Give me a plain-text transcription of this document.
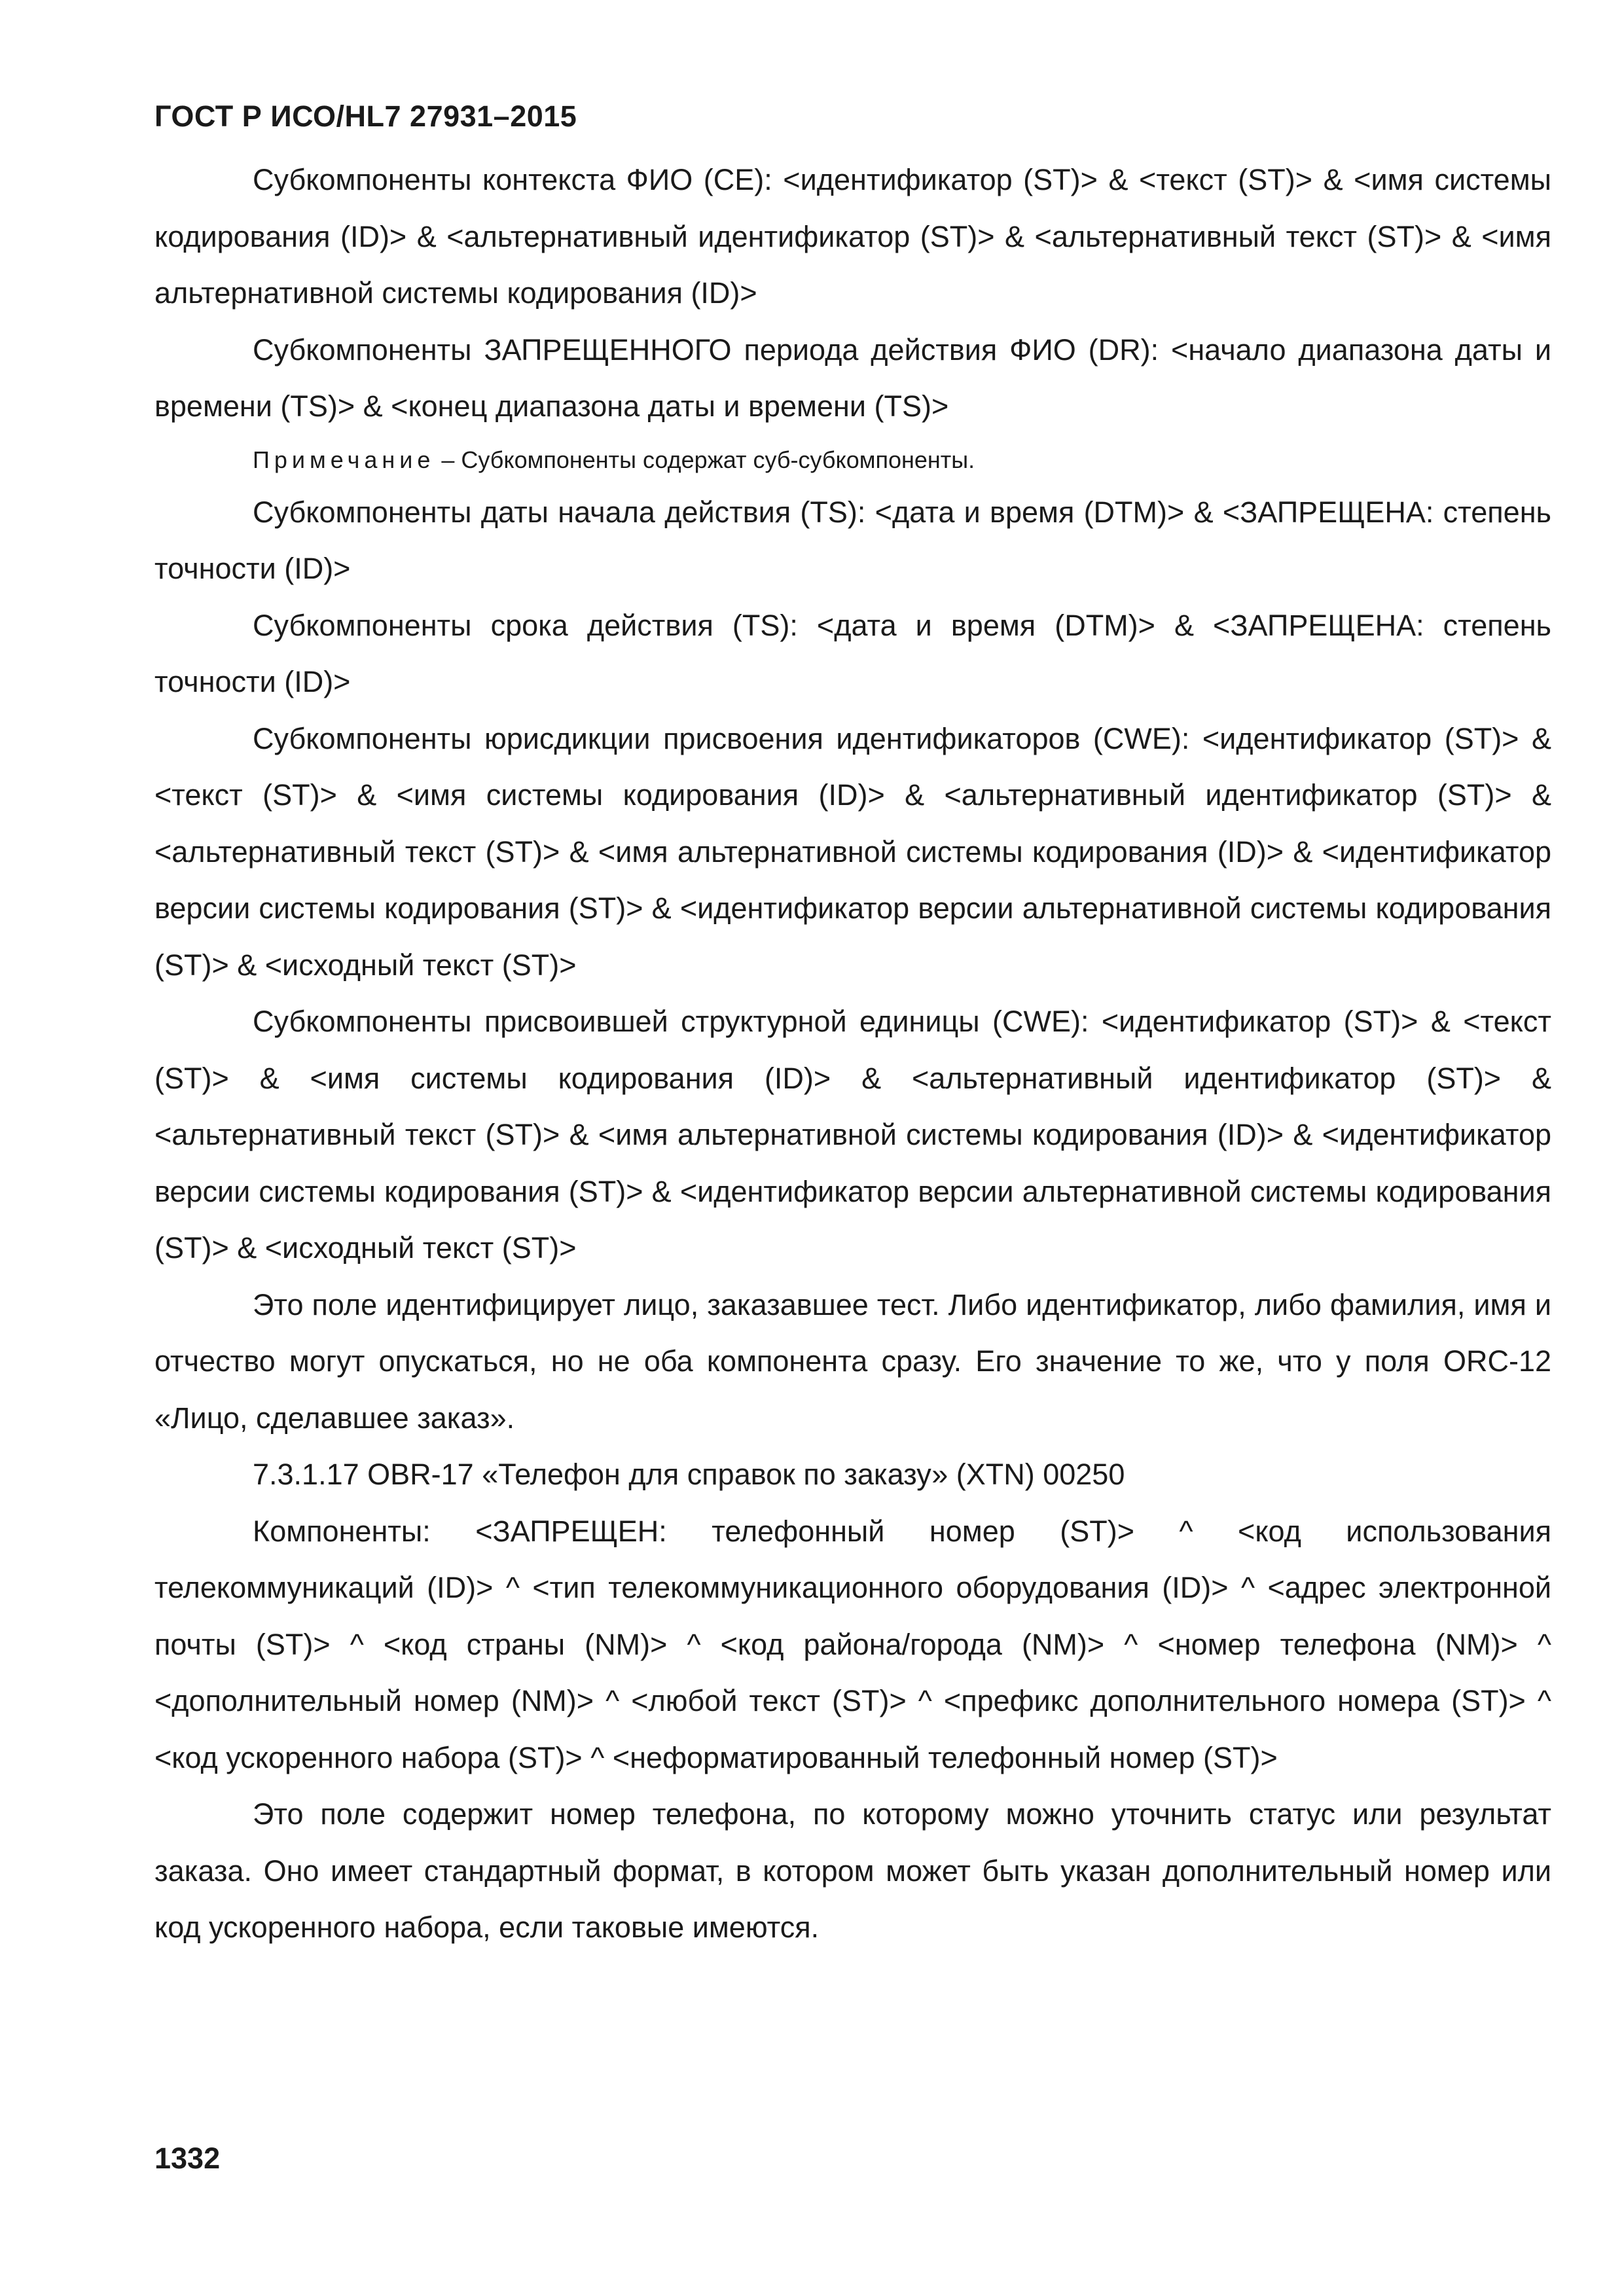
ГОСТ Р ИСО/HL7 27931–2015

Субкомпоненты контекста ФИО (CE): <идентификатор (ST)> & <текст (ST)> & <имя системы кодирования (ID)> & <альтернативный идентификатор (ST)> & <альтернативный текст (ST)> & <имя альтернативной системы кодирования (ID)>

Субкомпоненты ЗАПРЕЩЕННОГО периода действия ФИО (DR): <начало диапазона даты и времени (TS)> & <конец диапазона даты и времени (TS)>

Примечание – Субкомпоненты содержат суб-субкомпоненты.

Субкомпоненты даты начала действия (TS): <дата и время (DTM)> & <ЗАПРЕЩЕНА: степень точности (ID)>

Субкомпоненты срока действия (TS): <дата и время (DTM)> & <ЗАПРЕЩЕНА: степень точности (ID)>

Субкомпоненты юрисдикции присвоения идентификаторов (CWE): <идентификатор (ST)> & <текст (ST)> & <имя системы кодирования (ID)> & <альтернативный идентификатор (ST)> & <альтернативный текст (ST)> & <имя альтернативной системы кодирования (ID)> & <идентификатор версии системы кодирования (ST)> & <идентификатор версии альтернативной системы кодирования (ST)> & <исходный текст (ST)>

Субкомпоненты присвоившей структурной единицы (CWE): <идентификатор (ST)> & <текст (ST)> & <имя системы кодирования (ID)> & <альтернативный идентификатор (ST)> & <альтернативный текст (ST)> & <имя альтернативной системы кодирования (ID)> & <идентификатор версии системы кодирования (ST)> & <идентификатор версии альтернативной системы кодирования (ST)> & <исходный текст (ST)>

Это поле идентифицирует лицо, заказавшее тест. Либо идентификатор, либо фамилия, имя и отчество могут опускаться, но не оба компонента сразу. Его значение то же, что у поля ORC-12 «Лицо, сделавшее заказ».

7.3.1.17 OBR-17 «Телефон для справок по заказу» (XTN) 00250

Компоненты: <ЗАПРЕЩЕН: телефонный номер (ST)> ^ <код использования телекоммуникаций (ID)> ^ <тип телекоммуникационного оборудования (ID)> ^ <адрес электронной почты (ST)> ^ <код страны (NM)> ^ <код района/города (NM)> ^ <номер телефона (NM)> ^ <дополнительный номер (NM)> ^ <любой текст (ST)> ^ <префикс дополнительного номера (ST)> ^ <код ускоренного набора (ST)> ^ <неформатированный телефонный номер (ST)>

Это поле содержит номер телефона, по которому можно уточнить статус или результат заказа. Оно имеет стандартный формат, в котором может быть указан дополнительный номер или код ускоренного набора, если таковые имеются.

1332
